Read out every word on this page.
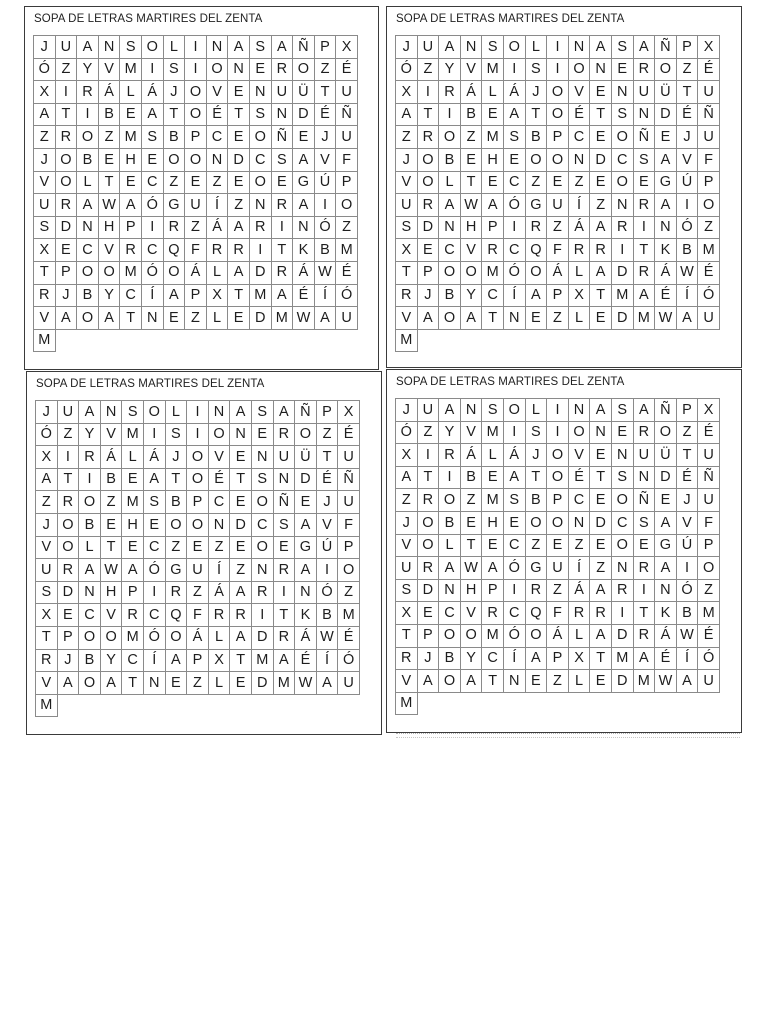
SOPA DE LETRAS MARTIRES DEL ZENTA
J U A N S O L	I N A S A Ñ P X
Ó Z Y V M I	S	I O N E R O Z É
X	I R Á L Á J O V E N U Ü T U
A T	I	B E A T O É T S N D É Ñ
Z R O Z M S B P C E O Ñ E J U
J O B E H E O O N D C S A V F
V O L T E C Z E Z E O E G Ú P
U R A W A Ó G U Í	Z N R A	I O
S D N H P	I R Z Á A R I N Ó Z
X E C V R C Q F R R I	T K B M
T P O O M Ó O Á L A D R Á W É
R J B Y C Í	A P X T M A É	Í Ó
V A O A T N E Z L E D M W A U
M
SOPA DE LETRAS MARTIRES DEL ZENTA
J U A N S O L	I N A S A Ñ P X
Ó Z Y V M I	S	I O N E R O Z É
X	I R Á L Á J O V E N U Ü T U
A T	I	B E A T O É T S N D É Ñ
Z R O Z M S B P C E O Ñ E J U
J O B E H E O O N D C S A V F
V O L T E C Z E Z E O E G Ú P
U R A W A Ó G U Í	Z N R A	I O
S D N H P	I R Z Á A R I N Ó Z
X E C V R C Q F R R I	T K B M
T P O O M Ó O Á L A D R Á W É
R J B Y C Í	A P X T M A É	Í Ó
V A O A T N E Z L E D M W A U
M
SOPA DE LETRAS MARTIRES DEL ZENTA
J U A N S O L	I N A S A Ñ P X
Ó Z Y V M I	S	I O N E R O Z É
X	I R Á L Á J O V E N U Ü T U
A T	I	B E A T O É T S N D É Ñ
Z R O Z M S B P C E O Ñ E J U
J O B E H E O O N D C S A V F
V O L T E C Z E Z E O E G Ú P
U R A W A Ó G U Í	Z N R A	I O
S D N H P	I R Z Á A R I N Ó Z
X E C V R C Q F R R I	T K B M
T P O O M Ó O Á L A D R Á W É
R J B Y C Í	A P X T M A É	Í Ó
V A O A T N E Z L E D M W A U
M
SOPA DE LETRAS MARTIRES DEL ZENTA
J U A N S O L	I N A S A Ñ P X
Ó Z Y V M I	S	I O N E R O Z É
X	I R Á L Á J O V E N U Ü T U
A T	I	B E A T O É T S N D É Ñ
Z R O Z M S B P C E O Ñ E J U
J O B E H E O O N D C S A V F
V O L T E C Z E Z E O E G Ú P
U R A W A Ó G U Í	Z N R A	I O
S D N H P	I R Z Á A R I N Ó Z
X E C V R C Q F R R I	T K B M
T P O O M Ó O Á L A D R Á W É
R J B Y C Í	A P X T M A É	Í Ó
V A O A T N E Z L E D M W A U
M
